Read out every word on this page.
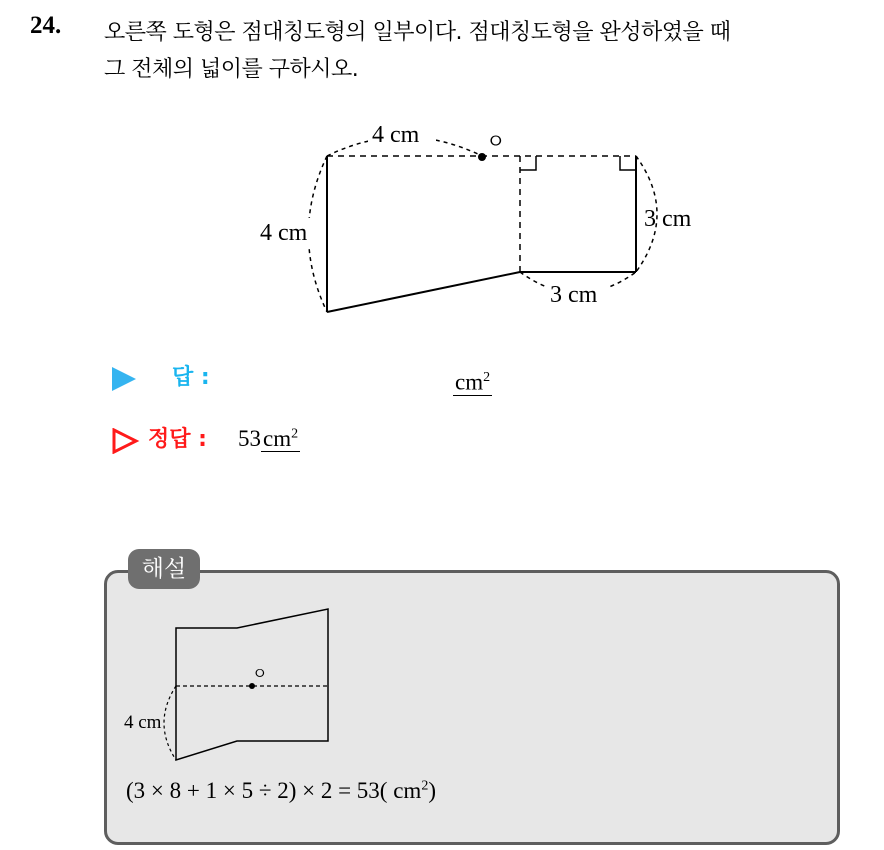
24. 오른쪽 도형은 점대칭도형의 일부이다. 점대칭도형을 완성하였을 때
그 전체의 넓이를 구하시오.
ㅇ
4 cm
4 cm
3 cm
3 cm
답 :	$cm^2$
정답 : $53cm^2$
해설
ㅇ
4 cm
(3 × 8 + 1 × 5 ÷ 2) × 2 = 53( $cm^2$)
